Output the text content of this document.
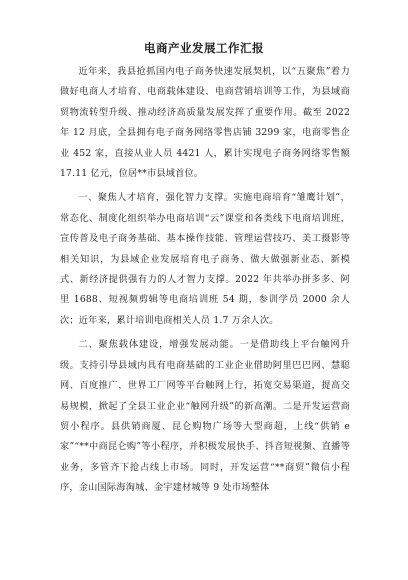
电商产业发展工作汇报

近年来，我县抢抓国内电子商务快速发展契机，以“五聚焦”着力做好电商人才培育、电商载体建设、电商营销培训等工作，为县域商贸物流转型升级、推动经济高质量发展发挥了重要作用。截至 2022 年 12 月底，全县拥有电子商务网络零售店铺 3299 家，电商零售企业 452 家，直接从业人员 4421 人，累计实现电子商务网络零售额 17.11 亿元，位居**市县域首位。

一、聚焦人才培育，强化智力支撑。实施电商培育“雏鹰计划”，常态化、制度化组织举办电商培训“云”课堂和各类线下电商培训班，宣传普及电子商务基础、基本操作技能、管理运营技巧、美工摄影等相关知识，为县域企业发展培育电子商务、做大做强新业态、新模式、新经济提供强有力的人才智力支撑。2022 年共举办拼多多、阿里 1688、短视频剪辑等电商培训班 54 期，参训学员 2000 余人次；近年来，累计培训电商相关人员 1.7 万余人次。

二、聚焦载体建设，增强发展动能。一是借助线上平台触网升级。支持引导县域内具有电商基础的工业企业借助阿里巴巴网、慧聪网、百度推广、世界工厂网等平台触网上行，拓宽交易渠道，提高交易规模，掀起了全县工业企业“触网升级”的新高潮。二是开发运营商贸小程序。县供销商厦、昆仑购物广场等大型商超，上线“供销 e 家”“**中商昆仑购”等小程序，并积极发展快手、抖音短视频、直播等业务，多管齐下抢占线上市场。同时，开发运营“**商贸”微信小程序，金山国际海淘城、金宇建材城等 9 处市场整体
